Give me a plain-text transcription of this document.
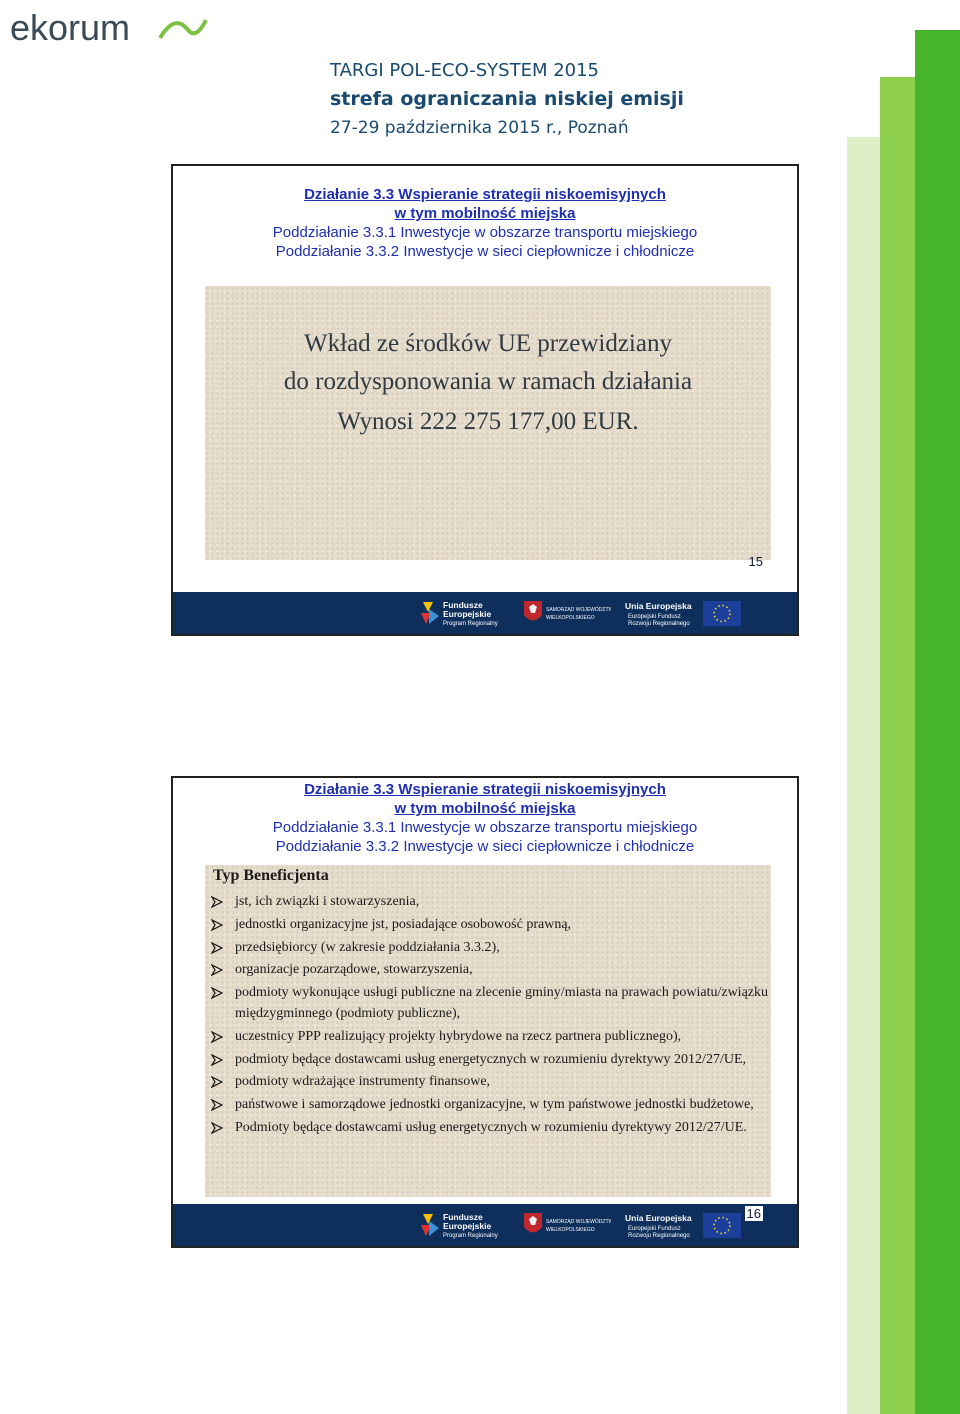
ekorum
TARGI POL-ECO-SYSTEM 2015
strefa ograniczania niskiej emisji
27-29 października 2015 r., Poznań
Działanie 3.3 Wspieranie strategii niskoemisyjnych
w tym mobilność miejska
Poddziałanie 3.3.1 Inwestycje w obszarze transportu miejskiego
Poddziałanie 3.3.2 Inwestycje w sieci ciepłownicze i chłodnicze
Wkład ze środków UE przewidziany
do rozdysponowania w ramach działania
Wynosi 222 275 177,00 EUR.
Fundusze
Europejskie
Program Regionalny
SAMORZĄD WOJEWÓDZTWA
WIELKOPOLSKIEGO
Unia Europejska
Europejski Fundusz
Rozwoju Regionalnego
15
Działanie 3.3 Wspieranie strategii niskoemisyjnych
w tym mobilność miejska
Poddziałanie 3.3.1 Inwestycje w obszarze transportu miejskiego
Poddziałanie 3.3.2 Inwestycje w sieci ciepłownicze i chłodnicze
Typ Beneficjenta
jst, ich związki i stowarzyszenia,
jednostki organizacyjne jst, posiadające osobowość prawną,
przedsiębiorcy (w zakresie poddziałania 3.3.2),
organizacje pozarządowe, stowarzyszenia,
podmioty wykonujące usługi publiczne na zlecenie gminy/miasta na prawach powiatu/związku międzygminnego (podmioty publiczne),
uczestnicy PPP realizujący projekty hybrydowe na rzecz partnera publicznego),
podmioty będące dostawcami usług energetycznych w rozumieniu dyrektywy 2012/27/UE,
podmioty wdrażające instrumenty finansowe,
państwowe i samorządowe jednostki organizacyjne, w tym państwowe jednostki budżetowe,
Podmioty będące dostawcami usług energetycznych w rozumieniu dyrektywy 2012/27/UE.
Fundusze
Europejskie
Program Regionalny
SAMORZĄD WOJEWÓDZTWA
WIELKOPOLSKIEGO
Unia Europejska
Europejski Fundusz
Rozwoju Regionalnego
16
